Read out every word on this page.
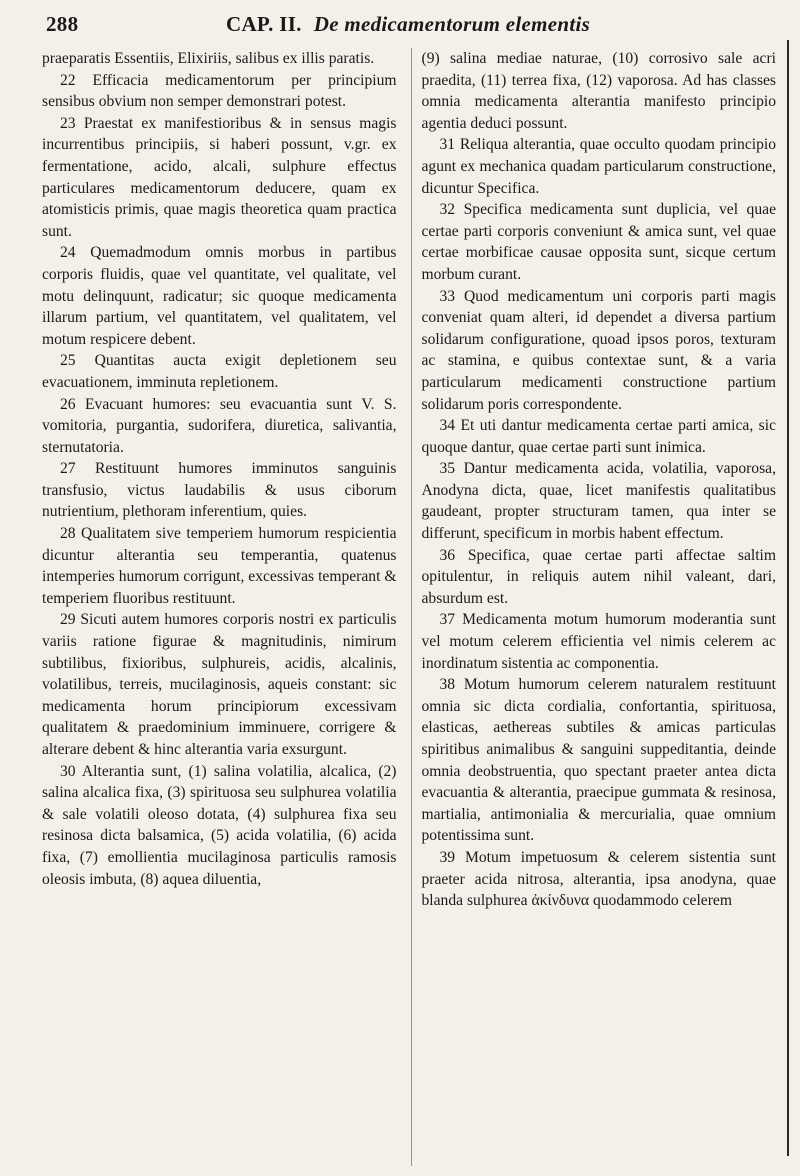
288	CAP. II. De medicamentorum elementis

praeparatis Essentiis, Elixiriis, salibus ex illis paratis.

22 Efficacia medicamentorum per principium sensibus obvium non semper demonstrari potest.

23 Praestat ex manifestioribus & in sensus magis incurrentibus principiis, si haberi possunt, v.gr. ex fermentatione, acido, alcali, sulphure effectus particulares medicamentorum deducere, quam ex atomisticis primis, quae magis theoretica quam practica sunt.

24 Quemadmodum omnis morbus in partibus corporis fluidis, quae vel quantitate, vel qualitate, vel motu delinquunt, radicatur; sic quoque medicamenta illarum partium, vel quantitatem, vel qualitatem, vel motum respicere debent.

25 Quantitas aucta exigit depletionem seu evacuationem, imminuta repletionem.

26 Evacuant humores: seu evacuantia sunt V. S. vomitoria, purgantia, sudorifera, diuretica, salivantia, sternutatoria.

27 Restituunt humores imminutos sanguinis transfusio, victus laudabilis & usus ciborum nutrientium, plethoram inferentium, quies.

28 Qualitatem sive temperiem humorum respicientia dicuntur alterantia seu temperantia, quatenus intemperies humorum corrigunt, excessivas temperant & temperiem fluoribus restituunt.

29 Sicuti autem humores corporis nostri ex particulis variis ratione figurae & magnitudinis, nimirum subtilibus, fixioribus, sulphureis, acidis, alcalinis, volatilibus, terreis, mucilaginosis, aqueis constant: sic medicamenta horum principiorum excessivam qualitatem & praedominium imminuere, corrigere & alterare debent & hinc alterantia varia exsurgunt.

30 Alterantia sunt, (1) salina volatilia, alcalica, (2) salina alcalica fixa, (3) spirituosa seu sulphurea volatilia & sale volatili oleoso dotata, (4) sulphurea fixa seu resinosa dicta balsamica, (5) acida volatilia, (6) acida fixa, (7) emollientia mucilaginosa particulis ramosis oleosis imbuta, (8) aquea diluentia,

(9) salina mediae naturae, (10) corrosivo sale acri praedita, (11) terrea fixa, (12) vaporosa. Ad has classes omnia medicamenta alterantia manifesto principio agentia deduci possunt.

31 Reliqua alterantia, quae occulto quodam principio agunt ex mechanica quadam particularum constructione, dicuntur Specifica.

32 Specifica medicamenta sunt duplicia, vel quae certae parti corporis conveniunt & amica sunt, vel quae certae morbificae causae opposita sunt, sicque certum morbum curant.

33 Quod medicamentum uni corporis parti magis conveniat quam alteri, id dependet a diversa partium solidarum configuratione, quoad ipsos poros, texturam ac stamina, e quibus contextae sunt, & a varia particularum medicamenti constructione partium solidarum poris correspondente.

34 Et uti dantur medicamenta certae parti amica, sic quoque dantur, quae certae parti sunt inimica.

35 Dantur medicamenta acida, volatilia, vaporosa, Anodyna dicta, quae, licet manifestis qualitatibus gaudeant, propter structuram tamen, qua inter se differunt, specificum in morbis habent effectum.

36 Specifica, quae certae parti affectae saltim opitulentur, in reliquis autem nihil valeant, dari, absurdum est.

37 Medicamenta motum humorum moderantia sunt vel motum celerem efficientia vel nimis celerem ac inordinatum sistentia ac componentia.

38 Motum humorum celerem naturalem restituunt omnia sic dicta cordialia, confortantia, spirituosa, elasticas, aethereas subtiles & amicas particulas spiritibus animalibus & sanguini suppeditantia, deinde omnia deobstruentia, quo spectant praeter antea dicta evacuantia & alterantia, praecipue gummata & resinosa, martialia, antimonialia & mercurialia, quae omnium potentissima sunt.

39 Motum impetuosum & celerem sistentia sunt praeter acida nitrosa, alterantia, ipsa anodyna, quae blanda sulphurea ἀκίνδυνα quodammodo celerem
